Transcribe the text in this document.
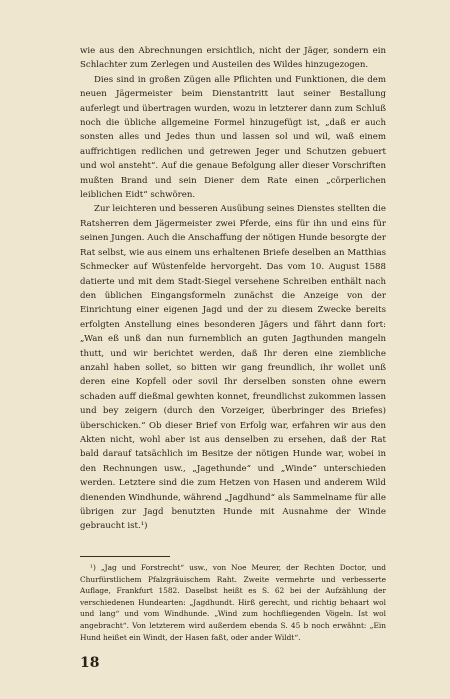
wie aus den Abrechnungen ersichtlich, nicht der Jäger, sondern ein Schlachter zum Zerlegen und Austeilen des Wildes hinzugezogen.

Dies sind in großen Zügen alle Pflichten und Funktionen, die dem neuen Jägermeister beim Dienstantritt laut seiner Bestallung auferlegt und übertragen wurden, wozu in letzterer dann zum Schluß noch die übliche allgemeine Formel hinzugefügt ist, „daß er auch sonsten alles und Jedes thun und lassen sol und wil, waß einem auffrichtigen redlichen und getrewen Jeger und Schutzen gebuert und wol ansteht“. Auf die genaue Befolgung aller dieser Vorschriften mußten Brand und sein Diener dem Rate einen „cörperlichen leiblichen Eidt“ schwören.

Zur leichteren und besseren Ausübung seines Dienstes stellten die Ratsherren dem Jägermeister zwei Pferde, eins für ihn und eins für seinen Jungen. Auch die Anschaffung der nötigen Hunde besorgte der Rat selbst, wie aus einem uns erhaltenen Briefe deselben an Matthias Schmecker auf Wüstenfelde hervorgeht. Das vom 10. August 1588 datierte und mit dem Stadt-Siegel versehene Schreiben enthält nach den üblichen Eingangsformeln zunächst die Anzeige von der Einrichtung einer eigenen Jagd und der zu diesem Zwecke bereits erfolgten Anstellung eines besonderen Jägers und fährt dann fort: „Wan eß unß dan nun furnemblich an guten Jagthunden mangeln thutt, und wir berichtet werden, daß Ihr deren eine ziembliche anzahl haben sollet, so bitten wir gang freundlich, ihr wollet unß deren eine Kopfell oder sovil Ihr derselben sonsten ohne ewern schaden auff dießmal gewhten konnet, freundlichst zukommen lassen und bey zeigern (durch den Vorzeiger, überbringer des Briefes) überschicken.“ Ob dieser Brief von Erfolg war, erfahren wir aus den Akten nicht, wohl aber ist aus denselben zu ersehen, daß der Rat bald darauf tatsächlich im Besitze der nötigen Hunde war, wobei in den Rechnungen usw., „Jagethunde“ und „Winde“ unterschieden werden. Letztere sind die zum Hetzen von Hasen und anderem Wild dienenden Windhunde, während „Jagdhund“ als Sammelname für alle übrigen zur Jagd benutzten Hunde mit Ausnahme der Winde gebraucht ist.¹)

¹) „Jag und Forstrecht“ usw., von Noe Meurer, der Rechten Doctor, und Churfürstlichem Pfalzgräuischem Raht. Zweite vermehrte und verbesserte Auflage, Frankfurt 1582. Daselbst heißt es S. 62 bei der Aufzählung der verschiedenen Hundearten: „Jagdhundt. Hirß gerecht, und richtig behaart wol und lang“ und vom Windhunde. „Wind zum hochfliegenden Vögeln. Ist wol angebracht“. Von letzterem wird außerdem ebenda S. 45 b noch erwähnt: „Ein Hund heißet ein Windt, der Hasen faßt, oder ander Wildt“.

18
